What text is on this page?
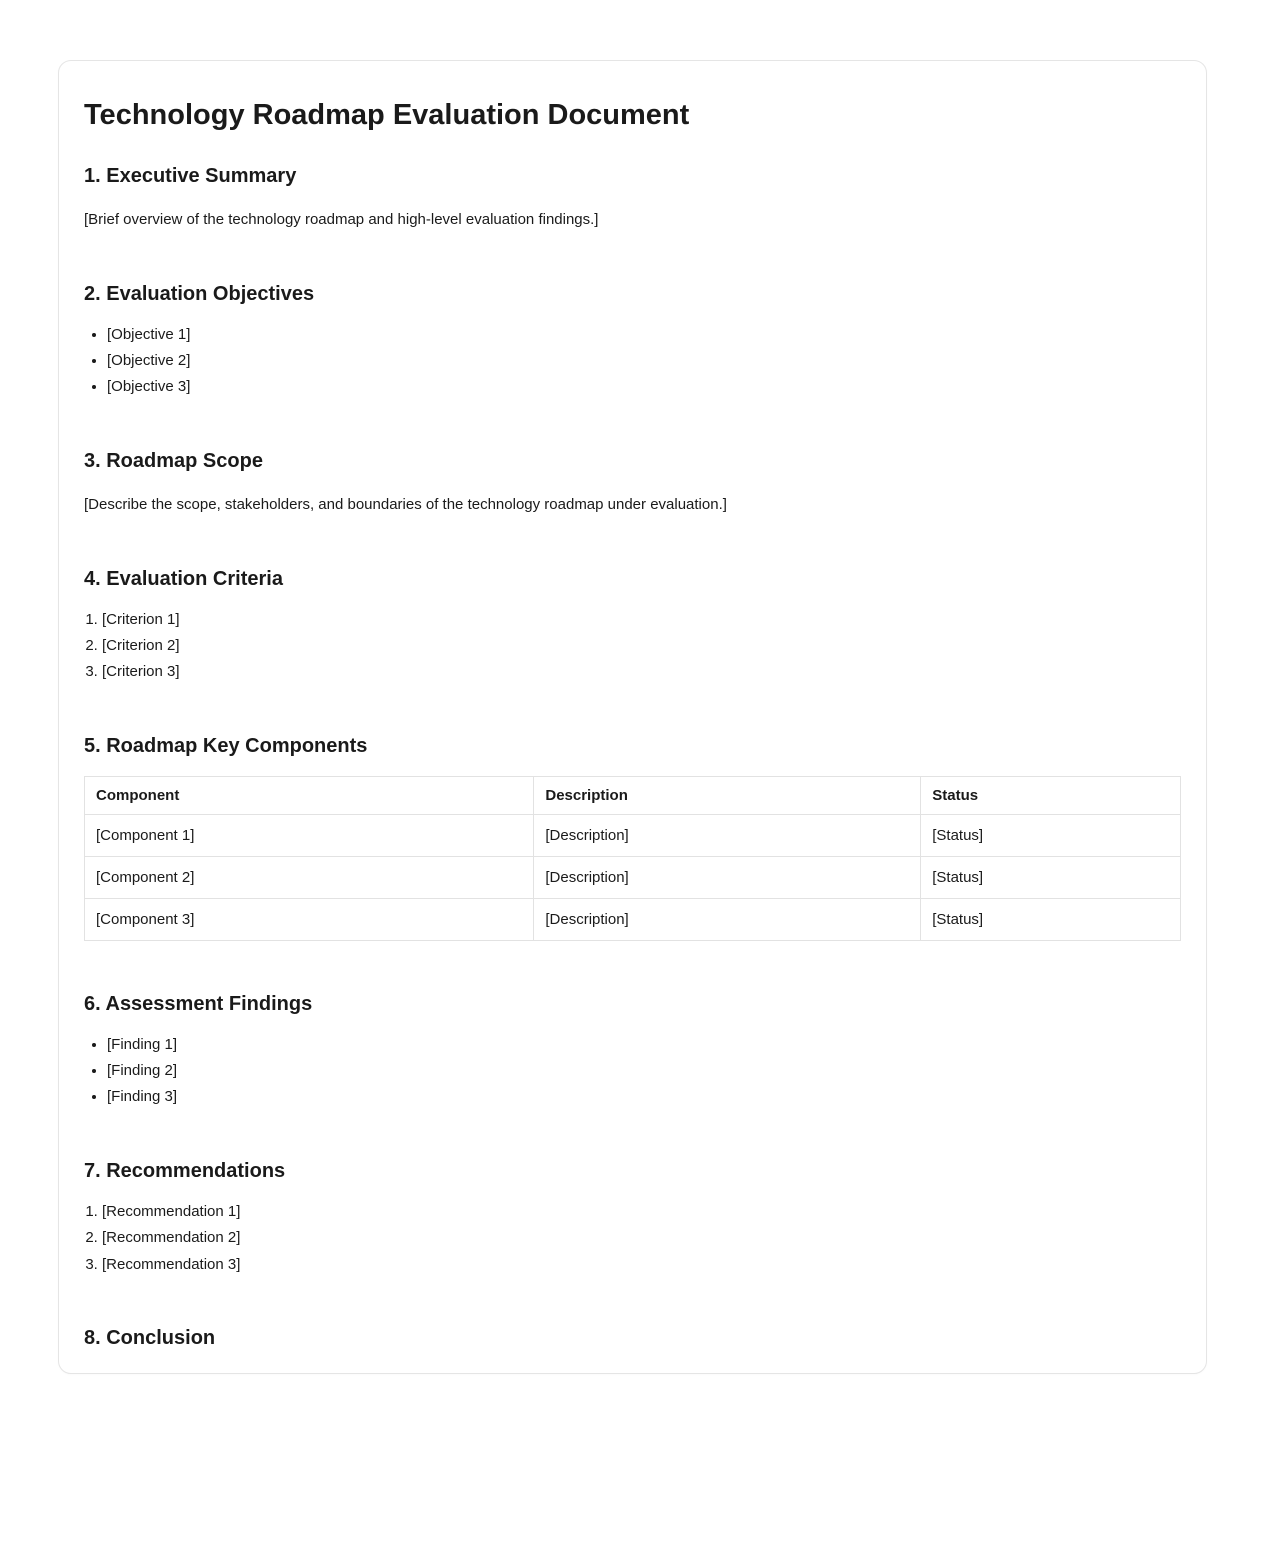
Technology Roadmap Evaluation Document
1. Executive Summary

[Brief overview of the technology roadmap and high-level evaluation findings.]

2. Evaluation Objectives
• [Objective 1]
• [Objective 2]
• [Objective 3]
3. Roadmap Scope

[Describe the scope, stakeholders, and boundaries of the technology roadmap under evaluation.]

4. Evaluation Criteria
1. [Criterion 1]
2. [Criterion 2]
3. [Criterion 3]
5. Roadmap Key Components
Component	Description	Status
[Component 1]	[Description]	[Status]
[Component 2]	[Description]	[Status]
[Component 3]	[Description]	[Status]
6. Assessment Findings
• [Finding 1]
• [Finding 2]
• [Finding 3]
7. Recommendations
1. [Recommendation 1]
2. [Recommendation 2]
3. [Recommendation 3]
8. Conclusion
